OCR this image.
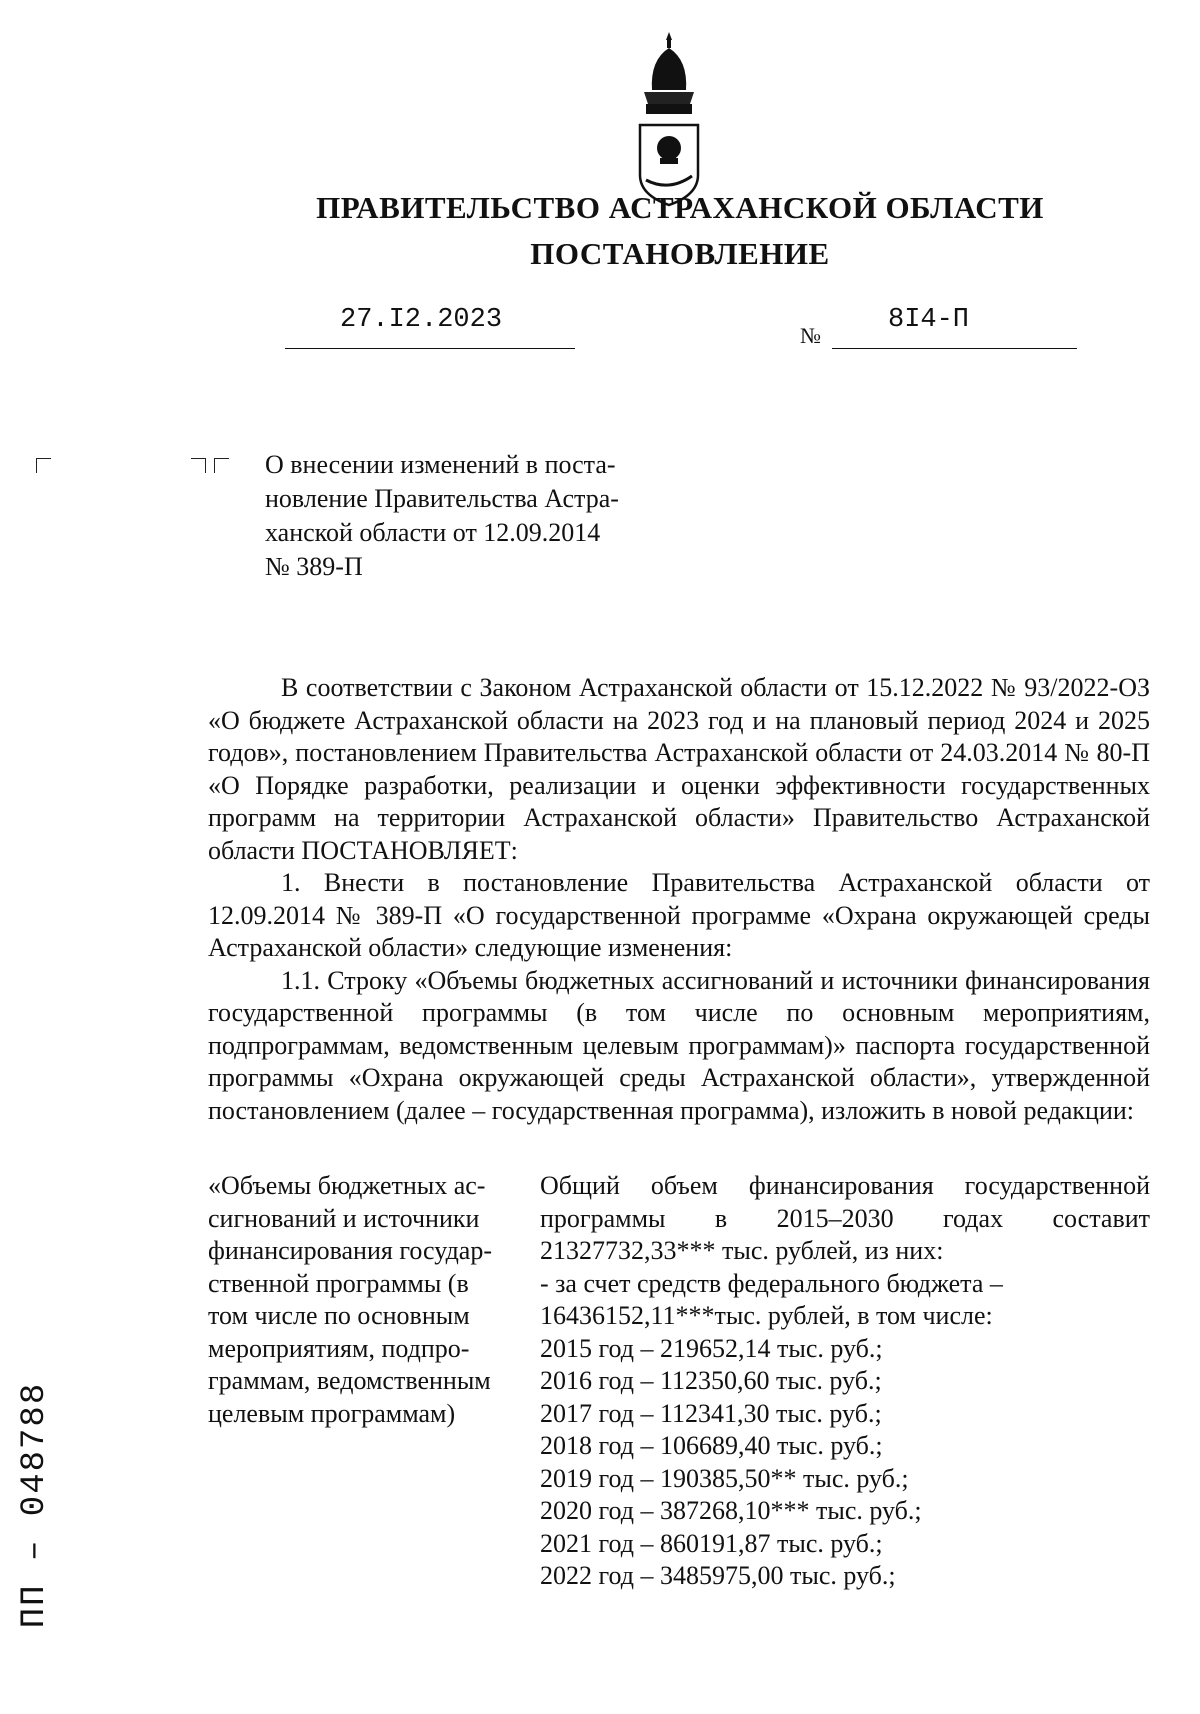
ПРАВИТЕЛЬСТВО АСТРАХАНСКОЙ ОБЛАСТИ
ПОСТАНОВЛЕНИЕ
27.I2.2023
№
8I4-П
О внесении изменений в поста-
новление Правительства Астра-
ханской области от 12.09.2014
№ 389-П

В соответствии с Законом Астраханской области от 15.12.2022 № 93/2022-ОЗ «О бюджете Астраханской области на 2023 год и на плановый период 2024 и 2025 годов», постановлением Правительства Астраханской области от 24.03.2014 № 80-П «О Порядке разработки, реализации и оценки эффективности государственных программ на территории Астраханской области» Правительство Астраханской области ПОСТАНОВЛЯЕТ:

1. Внести в постановление Правительства Астраханской области от 12.09.2014 № 389-П «О государственной программе «Охрана окружающей среды Астраханской области» следующие изменения:

1.1. Строку «Объемы бюджетных ассигнований и источники финансирования государственной программы (в том числе по основным мероприятиям, подпрограммам, ведомственным целевым программам)» паспорта государственной программы «Охрана окружающей среды Астраханской области», утвержденной постановлением (далее – государственная программа), изложить в новой редакции:

«Объемы бюджетных ас-
сигнований и источники
финансирования государ-
ственной программы (в
том числе по основным
мероприятиям, подпро-
граммам, ведомственным
целевым программам)
Общий объем финансирования государственной программы в 2015–2030 годах составит 21327732,33*** тыс. рублей, из них:
- за счет средств федерального бюджета – 16436152,11***тыс. рублей, в том числе:
2015 год – 219652,14 тыс. руб.;
2016 год – 112350,60 тыс. руб.;
2017 год – 112341,30 тыс. руб.;
2018 год – 106689,40 тыс. руб.;
2019 год – 190385,50** тыс. руб.;
2020 год – 387268,10*** тыс. руб.;
2021 год – 860191,87 тыс. руб.;
2022 год – 3485975,00 тыс. руб.;
ПП – 048788
